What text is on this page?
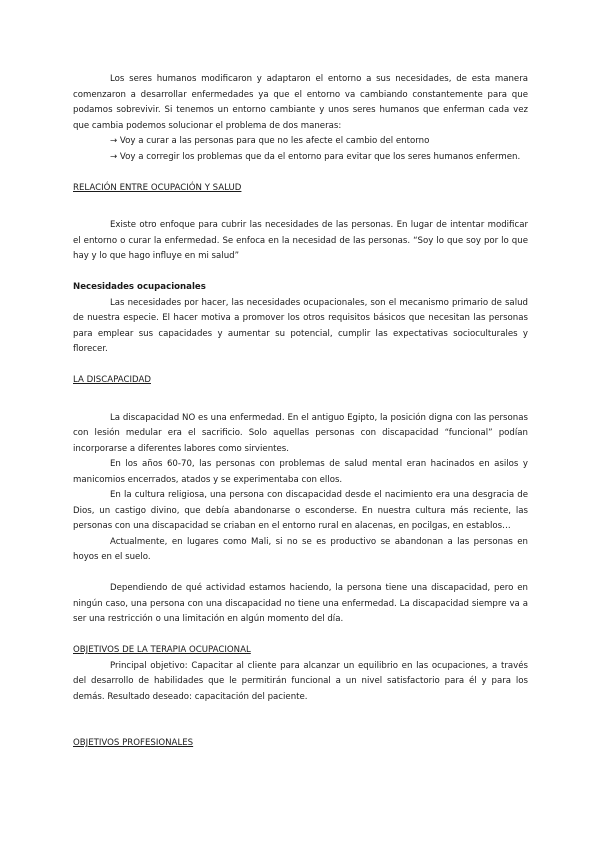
Los seres humanos modificaron y adaptaron el entorno a sus necesidades, de esta manera comenzaron a desarrollar enfermedades ya que el entorno va cambiando constantemente para que podamos sobrevivir. Si tenemos un entorno cambiante y unos seres humanos que enferman cada vez que cambia podemos solucionar el problema de dos maneras:

→ Voy a curar a las personas para que no les afecte el cambio del entorno

→ Voy a corregir los problemas que da el entorno para evitar que los seres humanos enfermen.

RELACIÓN ENTRE OCUPACIÓN Y SALUD

Existe otro enfoque para cubrir las necesidades de las personas. En lugar de intentar modificar el entorno o curar la enfermedad. Se enfoca en la necesidad de las personas. “Soy lo que soy por lo que hay y lo que hago influye en mi salud”

Necesidades ocupacionales

Las necesidades por hacer, las necesidades ocupacionales, son el mecanismo primario de salud de nuestra especie. El hacer motiva a promover los otros requisitos básicos que necesitan las personas para emplear sus capacidades y aumentar su potencial, cumplir las expectativas socioculturales y florecer.

LA DISCAPACIDAD

La discapacidad NO es una enfermedad. En el antiguo Egipto, la posición digna con las personas con lesión medular era el sacrificio. Solo aquellas personas con discapacidad “funcional” podían incorporarse a diferentes labores como sirvientes.

En los años 60-70, las personas con problemas de salud mental eran hacinados en asilos y manicomios encerrados, atados y se experimentaba con ellos.

En la cultura religiosa, una persona con discapacidad desde el nacimiento era una desgracia de Dios, un castigo divino, que debía abandonarse o esconderse. En nuestra cultura más reciente, las personas con una discapacidad se criaban en el entorno rural en alacenas, en pocilgas, en establos…

Actualmente, en lugares como Mali, si no se es productivo se abandonan a las personas en hoyos en el suelo.

Dependiendo de qué actividad estamos haciendo, la persona tiene una discapacidad, pero en ningún caso, una persona con una discapacidad no tiene una enfermedad. La discapacidad siempre va a ser una restricción o una limitación en algún momento del día.

OBJETIVOS DE LA TERAPIA OCUPACIONAL

Principal objetivo: Capacitar al cliente para alcanzar un equilibrio en las ocupaciones, a través del desarrollo de habilidades que le permitirán funcional a un nivel satisfactorio para él y para los demás. Resultado deseado: capacitación del paciente.

OBJETIVOS PROFESIONALES
